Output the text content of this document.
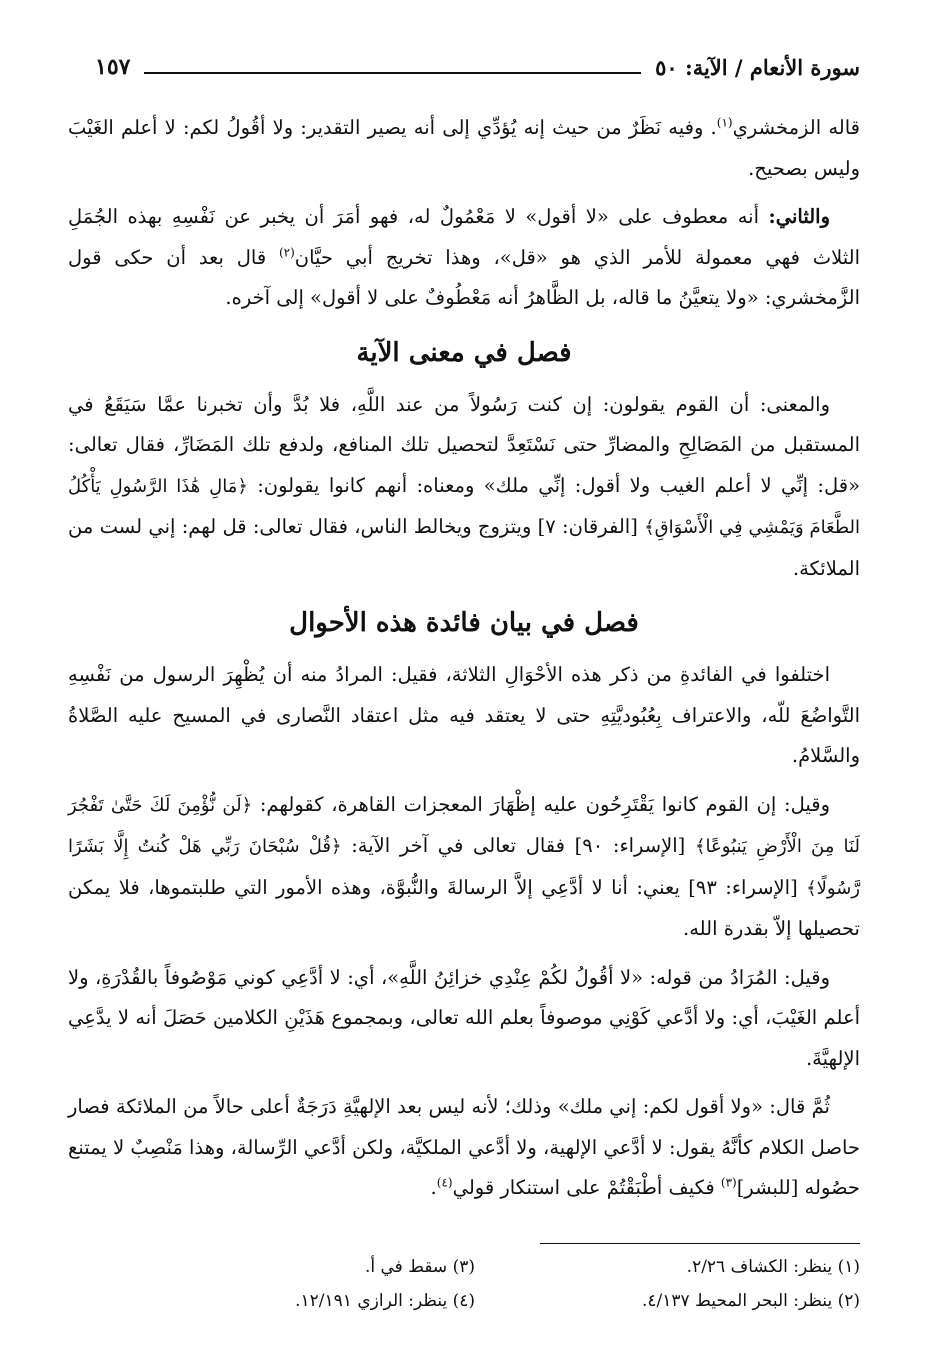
سورة الأنعام / الآية: ٥٠
١٥٧

قاله الزمخشري$^{(١)}$. وفيه نَظَرٌ من حيث إنه يُؤدِّي إلى أنه يصير التقدير: ولا أقُولُ لكم: لا أعلم الغَيْبَ وليس بصحيح.

والثاني: أنه معطوف على «لا أقول» لا مَعْمُولٌ له، فهو أمَرَ أن يخبر عن نَفْسِهِ بهذه الجُمَلِ الثلاث فهي معمولة للأمر الذي هو «قل»، وهذا تخريج أبي حيَّان$^{(٢)}$ قال بعد أن حكى قول الزَّمخشري: «ولا يتعيَّنُ ما قاله، بل الظَّاهرُ أنه مَعْطُوفٌ على لا أقول» إلى آخره.

فصل في معنى الآية

والمعنى: أن القوم يقولون: إن كنت رَسُولاً من عند اللَّهِ، فلا بُدَّ وأن تخبرنا عمَّا سَيَقَعُ في المستقبل من المَصَالِحِ والمضارِّ حتى نَسْتَعِدَّ لتحصيل تلك المنافع، ولدفع تلك المَضَارِّ، فقال تعالى: «قل: إنِّي لا أعلم الغيب ولا أقول: إنِّي ملك» ومعناه: أنهم كانوا يقولون: ﴿مَالِ هَٰذَا الرَّسُولِ يَأْكُلُ الطَّعَامَ وَيَمْشِي فِي الْأَسْوَاقِ﴾ [الفرقان: ٧] ويتزوج ويخالط الناس، فقال تعالى: قل لهم: إني لست من الملائكة.

فصل في بيان فائدة هذه الأحوال

اختلفوا في الفائدةِ من ذكر هذه الأحْوَالِ الثلاثة، فقيل: المرادُ منه أن يُظْهِرَ الرسول من نَفْسِهِ التَّواضُعَ للّه، والاعتراف بِعُبُوديَّتِهِ حتى لا يعتقد فيه مثل اعتقاد النَّصارى في المسيح عليه الصَّلاةُ والسَّلامُ.

وقيل: إن القوم كانوا يَقْتَرِحُون عليه إظْهَارَ المعجزات القاهرة، كقولهم: ﴿لَن نُّؤْمِنَ لَكَ حَتَّىٰ تَفْجُرَ لَنَا مِنَ الْأَرْضِ يَنبُوعًا﴾ [الإسراء: ٩٠] فقال تعالى في آخر الآية: ﴿قُلْ سُبْحَانَ رَبِّي هَلْ كُنتُ إِلَّا بَشَرًا رَّسُولًا﴾ [الإسراء: ٩٣] يعني: أنا لا أدَّعِي إلاَّ الرسالةَ والنُّبوَّة، وهذه الأمور التي طلبتموها، فلا يمكن تحصيلها إلاّ بقدرة الله.

وقيل: المُرَادُ من قوله: «لا أقُولُ لكُمْ عِنْدِي خزائِنُ اللَّهِ»، أي: لا أدَّعِي كوني مَوْصُوفاً بالقُدْرَةِ، ولا أعلم الغَيْبَ، أي: ولا أدَّعي كَوْنِي موصوفاً بعلم الله تعالى، وبمجموع هَذَيْنِ الكلامين حَصَلَ أنه لا يدَّعِي الإلهيَّةَ.

ثُمَّ قال: «ولا أقول لكم: إني ملك» وذلك؛ لأنه ليس بعد الإلهيَّةِ دَرَجَةٌ أعلى حالاً من الملائكة فصار حاصل الكلام كأنَّهُ يقول: لا أدَّعي الإلهية، ولا أدَّعي الملكيَّة، ولكن أدَّعي الرِّسالة، وهذا مَنْصِبٌ لا يمتنع حصُوله [للبشر]$^{(٣)}$ فكيف أطْبَقْتُمْ على استنكار قولي$^{(٤)}$.

(١) ينظر: الكشاف ٢/٢٦.
(٣) سقط في أ.
(٢) ينظر: البحر المحيط ٤/١٣٧.
(٤) ينظر: الرازي ١٢/١٩١.
